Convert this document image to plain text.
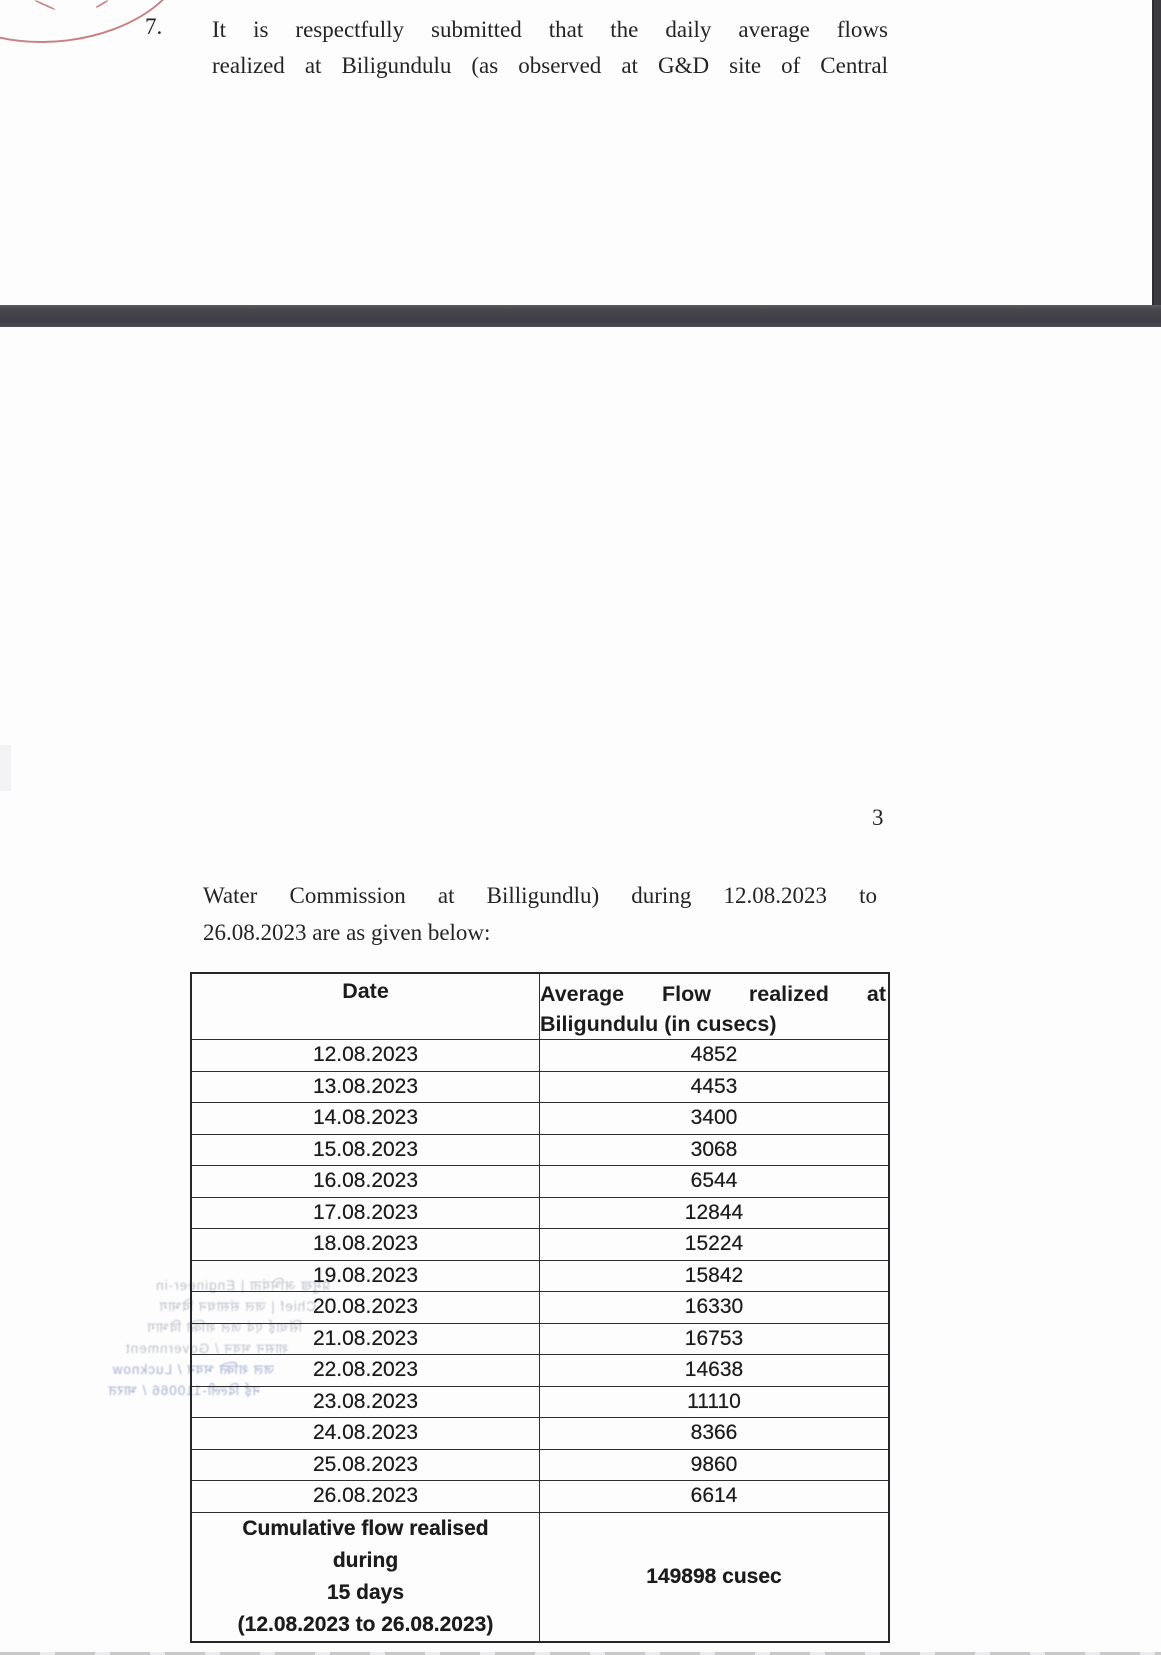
7. It is respectfully submitted that the daily average flows
realized at Biligundulu (as observed at G&D site of Central
3
Water Commission at Billigundlu) during 12.08.2023 to
26.08.2023 are as given below:
प्रमुख अभियंता | Engineer-in
Chief | जल संसाधन विभाग
सिंचाई एवं जल शक्ति विभाग
शासन भवन / Government
जल शक्ति भवन / Lucknow
नई दिल्ली-110066 / भारत
Date	Average Flow realized at
Biligundulu (in cusecs)

12.08.2023	4852
13.08.2023	4453
14.08.2023	3400
15.08.2023	3068
16.08.2023	6544
17.08.2023	12844
18.08.2023	15224
19.08.2023	15842
20.08.2023	16330
21.08.2023	16753
22.08.2023	14638
23.08.2023	11110
24.08.2023	8366
25.08.2023	9860
26.08.2023	6614

Cumulative flow realised
during
15 days
(12.08.2023 to 26.08.2023)	149898 cusec
